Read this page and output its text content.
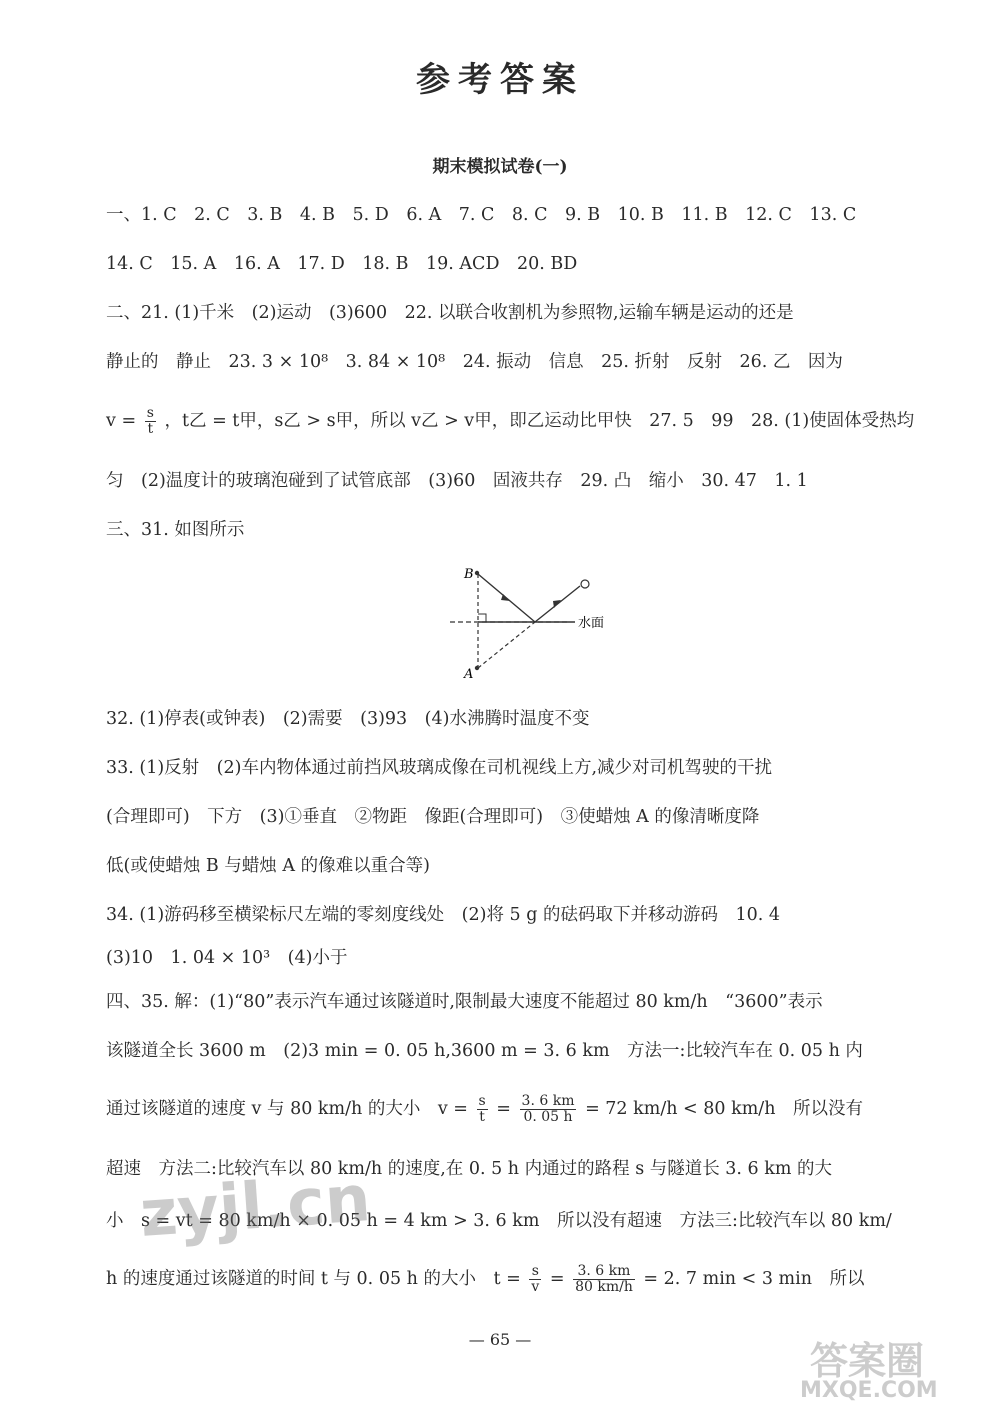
参考答案
期末模拟试卷(一)
一、1. C　2. C　3. B　4. B　5. D　6. A　7. C　8. C　9. B　10. B　11. B　12. C　13. C
14. C　15. A　16. A　17. D　18. B　19. ACD　20. BD
二、21. (1)千米　(2)运动　(3)600　22. 以联合收割机为参照物,运输车辆是运动的还是
静止的　静止　23. 3 × 10⁸　3. 84 × 10⁸　24. 振动　信息　25. 折射　反射　26. 乙　因为
$v = \frac{s}{t}$ ，t乙 = t甲，s乙 > s甲，所以 v乙 > v甲，即乙运动比甲快　27. 5　99　28. (1)使固体受热均
匀　(2)温度计的玻璃泡碰到了试管底部　(3)60　固液共存　29. 凸　缩小　30. 47　1. 1
三、31. 如图所示
B
A
水面
32. (1)停表(或钟表)　(2)需要　(3)93　(4)水沸腾时温度不变
33. (1)反射　(2)车内物体通过前挡风玻璃成像在司机视线上方,减少对司机驾驶的干扰
(合理即可)　下方　(3)①垂直　②物距　像距(合理即可)　③使蜡烛 A 的像清晰度降
低(或使蜡烛 B 与蜡烛 A 的像难以重合等)
34. (1)游码移至横梁标尺左端的零刻度线处　(2)将 5 g 的砝码取下并移动游码　10. 4
(3)10　1. 04 × 10³　(4)小于
四、35. 解：(1)“80”表示汽车通过该隧道时,限制最大速度不能超过 80 km/h　“3600”表示
该隧道全长 3600 m　(2)3 min = 0. 05 h,3600 m = 3. 6 km　方法一:比较汽车在 0. 05 h 内
通过该隧道的速度 v 与 80 km/h 的大小　$v = \frac{s}{t} = \frac{3. 6 km}{0. 05 h} = 72$ km/h < 80 km/h　所以没有
超速　方法二:比较汽车以 80 km/h 的速度,在 0. 5 h 内通过的路程 s 与隧道长 3. 6 km 的大
小　s = vt = 80 km/h × 0. 05 h = 4 km > 3. 6 km　所以没有超速　方法三:比较汽车以 80 km/
h 的速度通过该隧道的时间 t 与 0. 05 h 的大小　$t = \frac{s}{v} = \frac{3. 6 km}{80 km/h} = 2$. 7 min < 3 min　所以
— 65 —
zyjl.cn
答案圈
MXQE.COM
